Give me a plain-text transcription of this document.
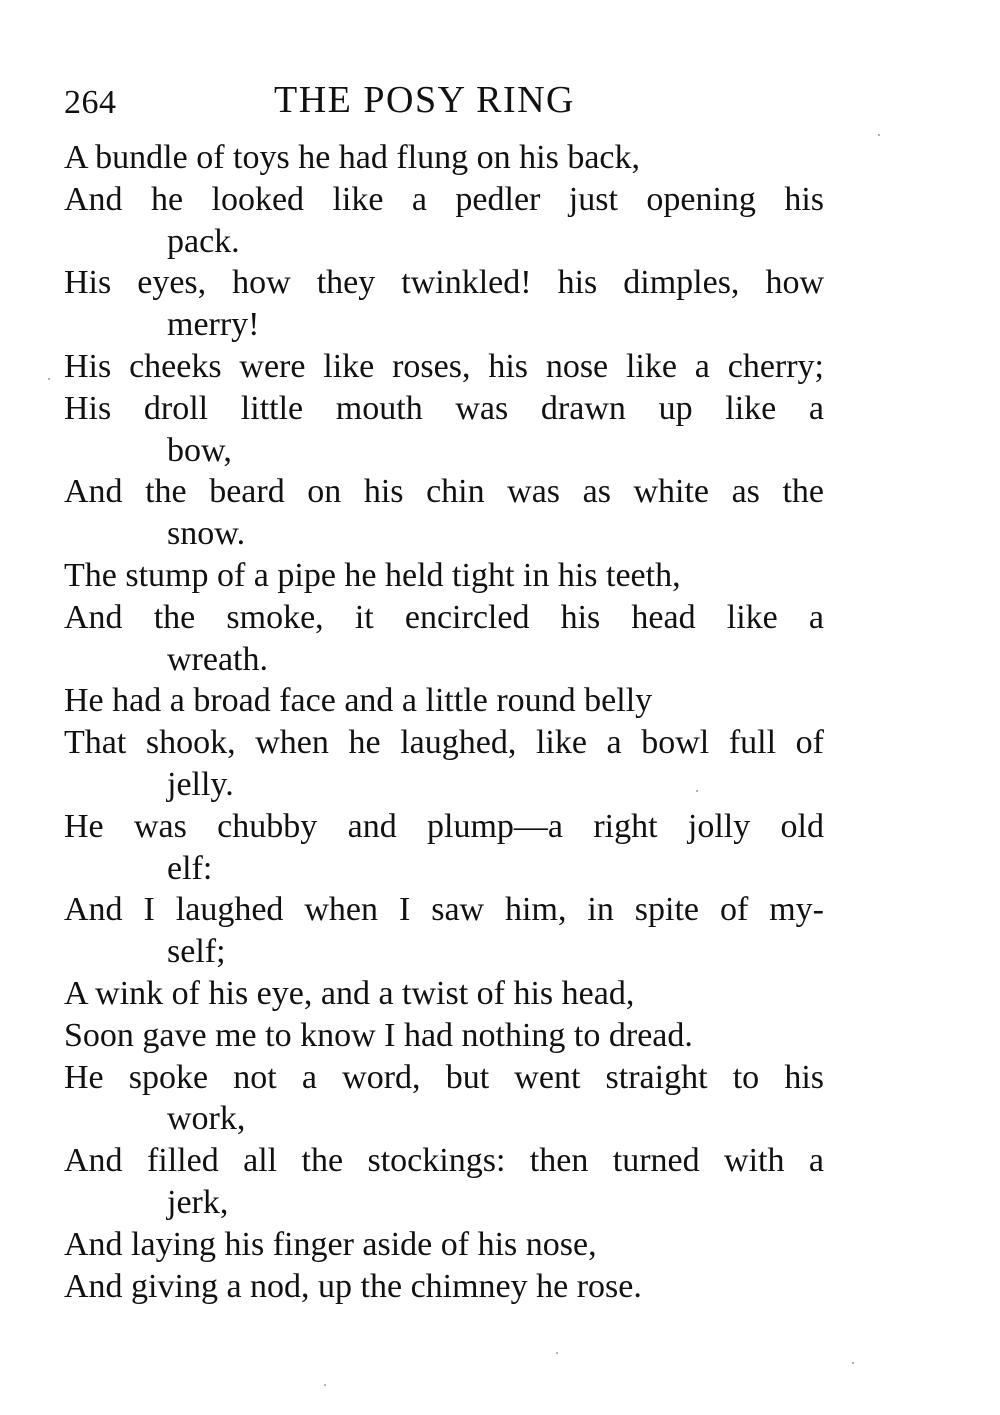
264	THE POSY RING
A bundle of toys he had flung on his back,
And he looked like a pedler just opening his
pack.
His eyes, how they twinkled! his dimples, how
merry!
His cheeks were like roses, his nose like a cherry;
His droll little mouth was drawn up like a
bow,
And the beard on his chin was as white as the
snow.
The stump of a pipe he held tight in his teeth,
And the smoke, it encircled his head like a
wreath.
He had a broad face and a little round belly
That shook, when he laughed, like a bowl full of
jelly.
He was chubby and plump—a right jolly old
elf:
And I laughed when I saw him, in spite of my-
self;
A wink of his eye, and a twist of his head,
Soon gave me to know I had nothing to dread.
He spoke not a word, but went straight to his
work,
And filled all the stockings: then turned with a
jerk,
And laying his finger aside of his nose,
And giving a nod, up the chimney he rose.
